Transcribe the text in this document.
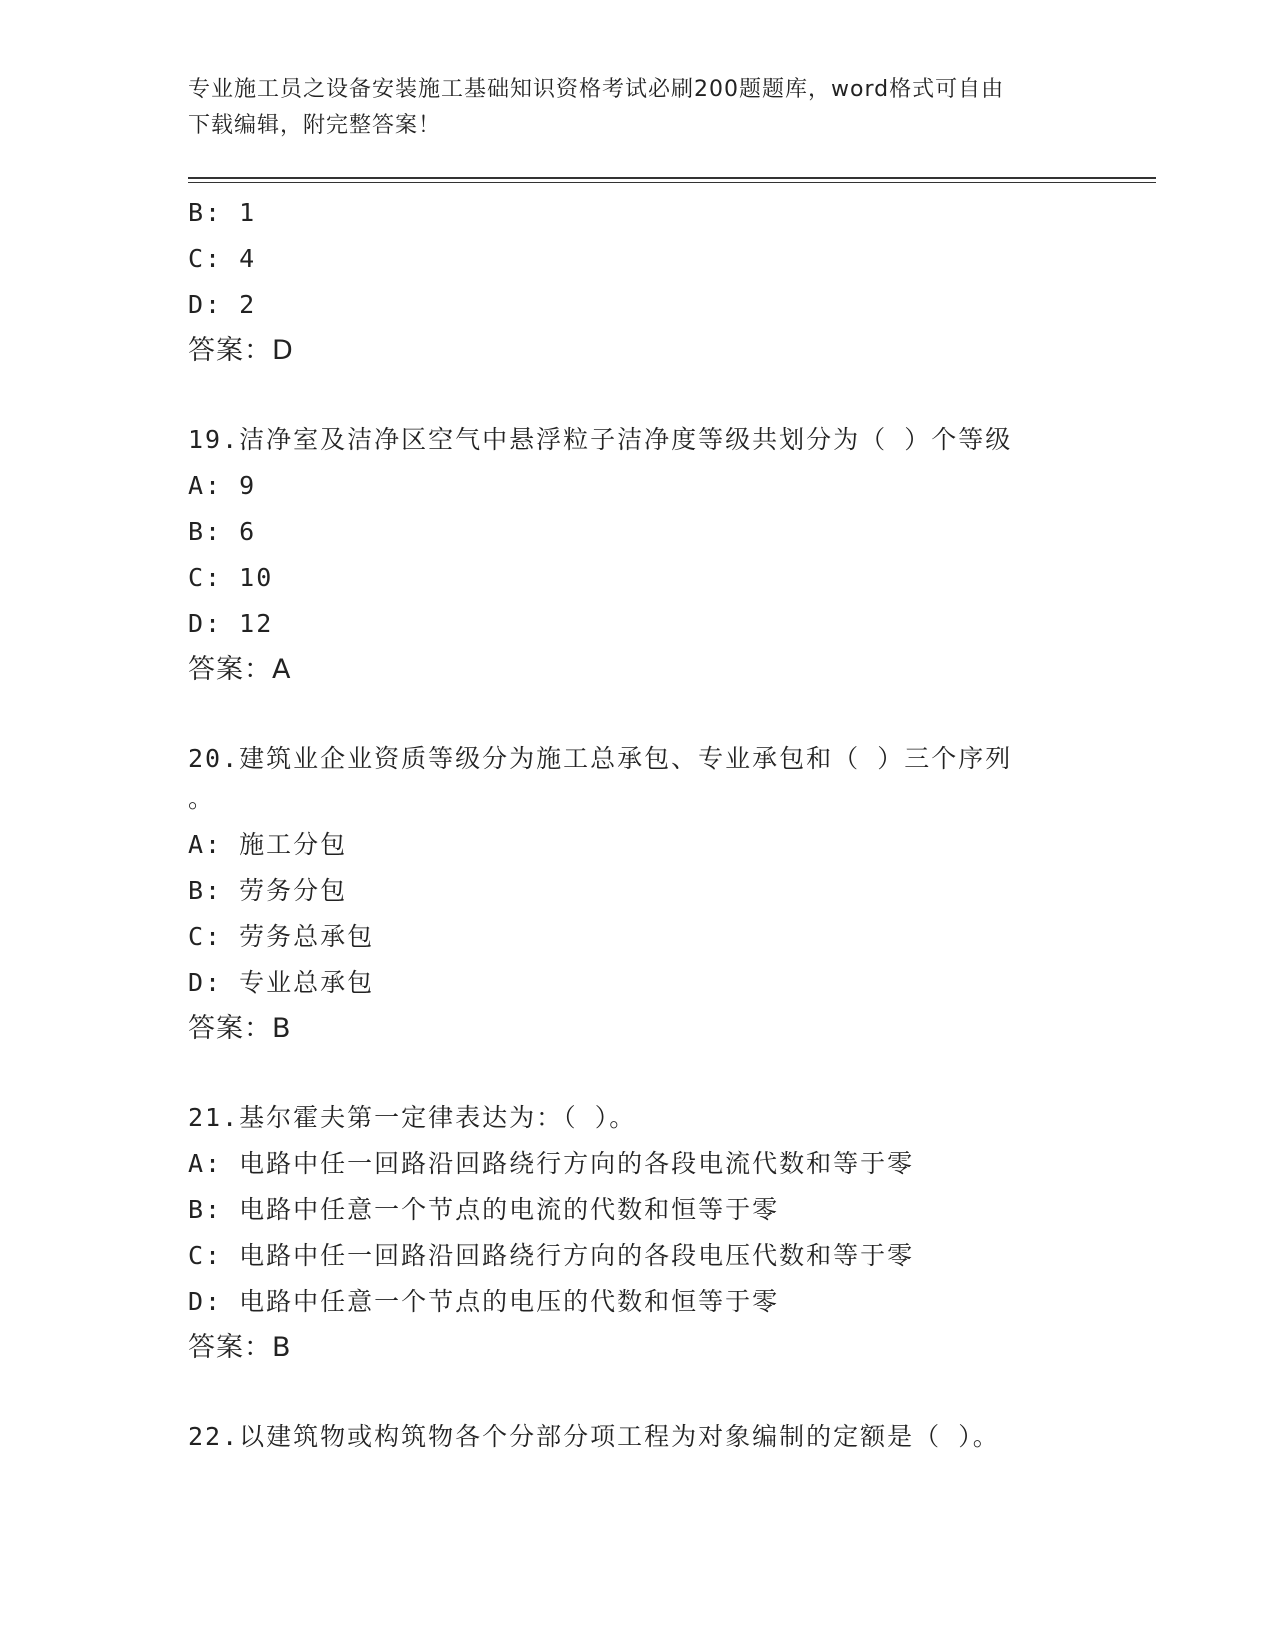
专业施工员之设备安装施工基础知识资格考试必刷200题题库，word格式可自由
下载编辑，附完整答案！
B: 1
C: 4
D: 2
答案：D
19.洁净室及洁净区空气中悬浮粒子洁净度等级共划分为（ ）个等级
A: 9
B: 6
C: 10
D: 12
答案：A
20.建筑业企业资质等级分为施工总承包、专业承包和（ ）三个序列
。
A: 施工分包
B: 劳务分包
C: 劳务总承包
D: 专业总承包
答案：B
21.基尔霍夫第一定律表达为：（ ）。
A: 电路中任一回路沿回路绕行方向的各段电流代数和等于零
B: 电路中任意一个节点的电流的代数和恒等于零
C: 电路中任一回路沿回路绕行方向的各段电压代数和等于零
D: 电路中任意一个节点的电压的代数和恒等于零
答案：B
22.以建筑物或构筑物各个分部分项工程为对象编制的定额是（ ）。
